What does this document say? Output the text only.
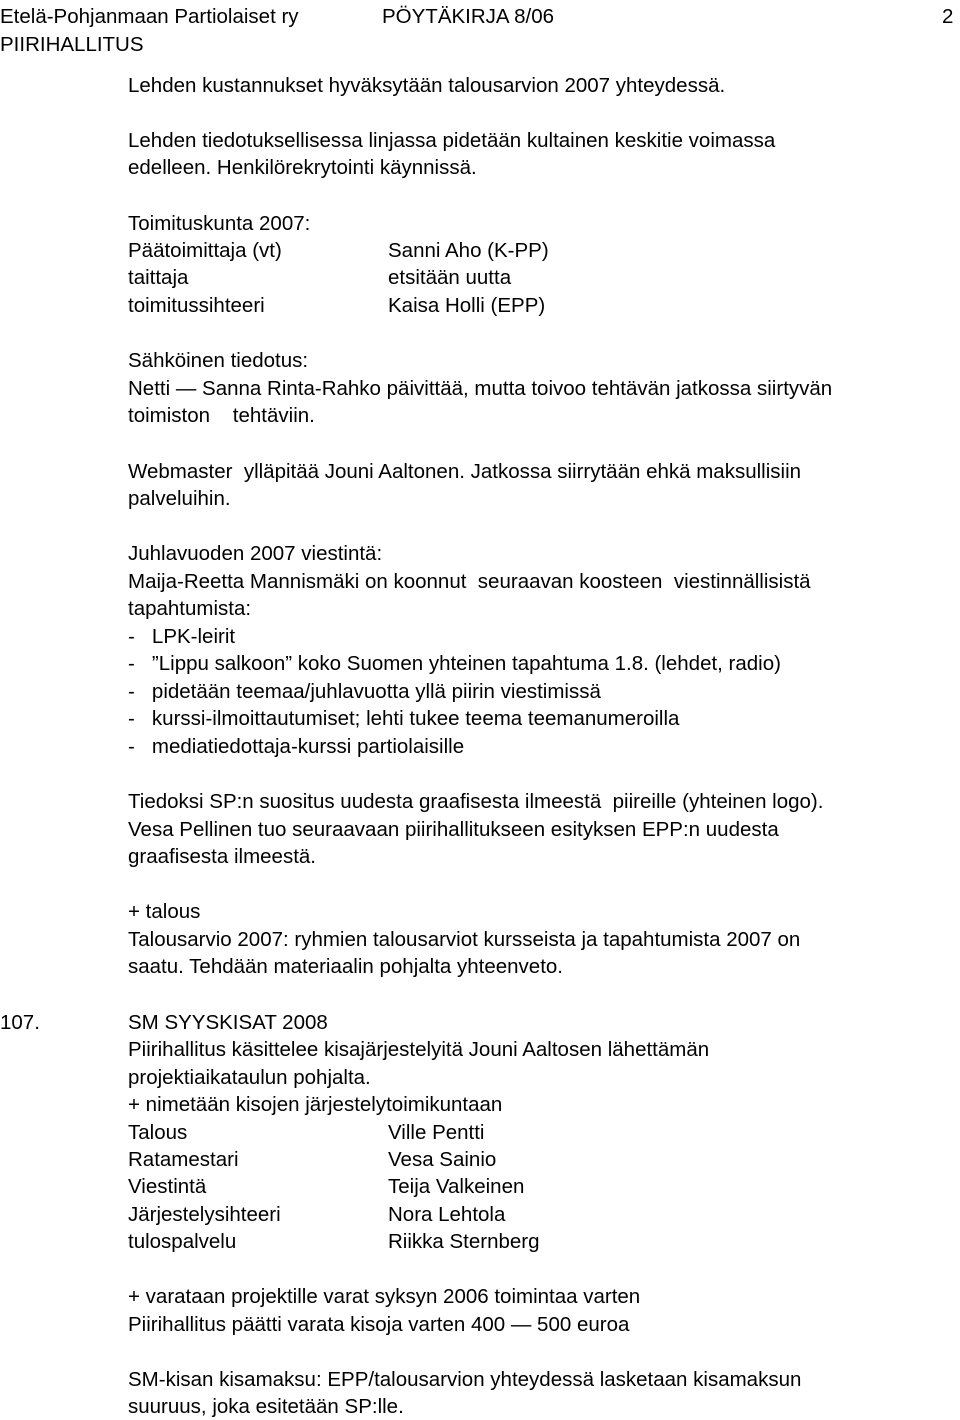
Etelä-Pohjanmaan Partiolaiset ry	PÖYTÄKIRJA 8/06	2
PIIRIHALLITUS
Lehden kustannukset hyväksytään talousarvion 2007 yhteydessä.
Lehden tiedotuksellisessa linjassa pidetään kultainen keskitie voimassa
edelleen. Henkilörekrytointi käynnissä.
Toimituskunta 2007:
Päätoimittaja (vt)	Sanni Aho (K-PP)
taittaja	etsitään uutta
toimitussihteeri	Kaisa Holli (EPP)
Sähköinen tiedotus:
Netti — Sanna Rinta-Rahko päivittää, mutta toivoo tehtävän jatkossa siirtyvän
toimiston    tehtäviin.
Webmaster  ylläpitää Jouni Aaltonen. Jatkossa siirrytään ehkä maksullisiin
palveluihin.
Juhlavuoden 2007 viestintä:
Maija-Reetta Mannismäki on koonnut  seuraavan koosteen  viestinnällisistä
tapahtumista:
-   LPK-leirit
-   ”Lippu salkoon” koko Suomen yhteinen tapahtuma 1.8. (lehdet, radio)
-   pidetään teemaa/juhlavuotta yllä piirin viestimissä
-   kurssi-ilmoittautumiset; lehti tukee teema teemanumeroilla
-   mediatiedottaja-kurssi partiolaisille
Tiedoksi SP:n suositus uudesta graafisesta ilmeestä  piireille (yhteinen logo).
Vesa Pellinen tuo seuraavaan piirihallitukseen esityksen EPP:n uudesta
graafisesta ilmeestä.
+ talous
Talousarvio 2007: ryhmien talousarviot kursseista ja tapahtumista 2007 on
saatu. Tehdään materiaalin pohjalta yhteenveto.
107.	SM SYYSKISAT 2008
Piirihallitus käsittelee kisajärjestelyitä Jouni Aaltosen lähettämän
projektiaikataulun pohjalta.
+ nimetään kisojen järjestelytoimikuntaan
Talous	Ville Pentti
Ratamestari	Vesa Sainio
Viestintä	Teija Valkeinen
Järjestelysihteeri	Nora Lehtola
tulospalvelu	Riikka Sternberg
+ varataan projektille varat syksyn 2006 toimintaa varten
Piirihallitus päätti varata kisoja varten 400 — 500 euroa
SM-kisan kisamaksu: EPP/talousarvion yhteydessä lasketaan kisamaksun
suuruus, joka esitetään SP:lle.
